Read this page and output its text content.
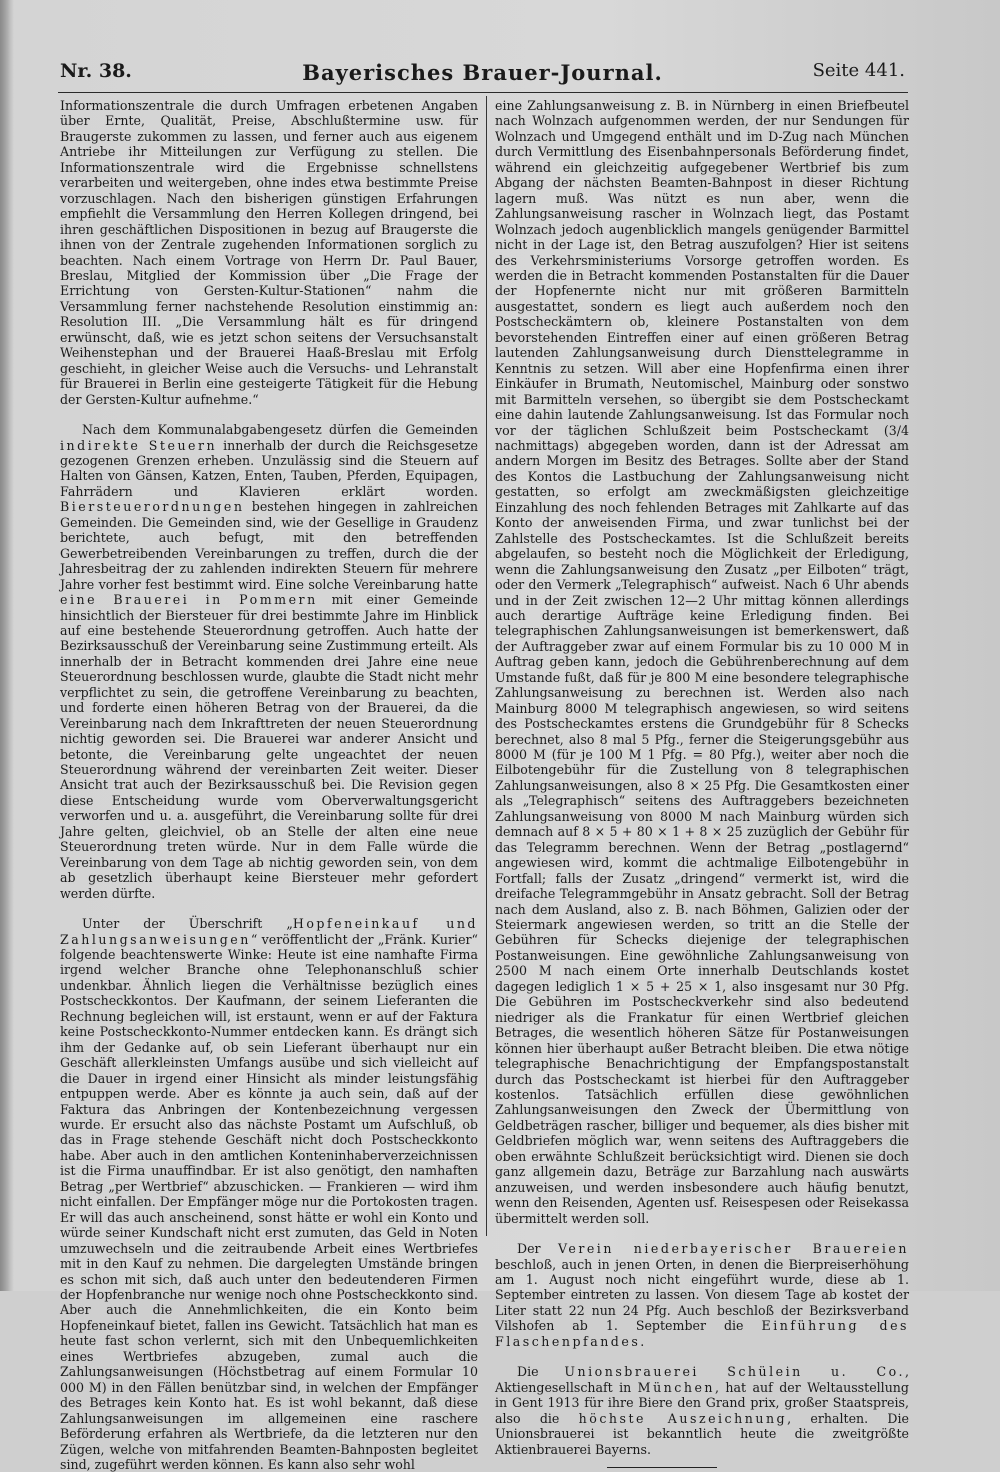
Nr. 38.	Bayerisches Brauer-Journal.	Seite 441.

Informationszentrale die durch Umfragen erbetenen Angaben über Ernte, Qualität, Preise, Abschlußtermine usw. für Braugerste zukommen zu lassen, und ferner auch aus eigenem Antriebe ihr Mitteilungen zur Verfügung zu stellen. Die Informationszentrale wird die Ergebnisse schnellstens verarbeiten und weitergeben, ohne indes etwa bestimmte Preise vorzuschlagen. Nach den bisherigen günstigen Erfahrungen empfiehlt die Versammlung den Herren Kollegen dringend, bei ihren geschäftlichen Dispositionen in bezug auf Braugerste die ihnen von der Zentrale zugehenden Informationen sorglich zu beachten. Nach einem Vortrage von Herrn Dr. Paul Bauer, Breslau, Mitglied der Kommission über „Die Frage der Errichtung von Gersten-Kultur-Stationen“ nahm die Versammlung ferner nachstehende Resolution einstimmig an: Resolution III. „Die Versammlung hält es für dringend erwünscht, daß, wie es jetzt schon seitens der Versuchsanstalt Weihenstephan und der Brauerei Haaß-Breslau mit Erfolg geschieht, in gleicher Weise auch die Versuchs- und Lehranstalt für Brauerei in Berlin eine gesteigerte Tätigkeit für die Hebung der Gersten-Kultur aufnehme.“

Nach dem Kommunalabgabengesetz dürfen die Gemeinden indirekte Steuern innerhalb der durch die Reichsgesetze gezogenen Grenzen erheben. Unzulässig sind die Steuern auf Halten von Gänsen, Katzen, Enten, Tauben, Pferden, Equipagen, Fahrrädern und Klavieren erklärt worden. Biersteuerordnungen bestehen hingegen in zahlreichen Gemeinden. Die Gemeinden sind, wie der Gesellige in Graudenz berichtete, auch befugt, mit den betreffenden Gewerbetreibenden Vereinbarungen zu treffen, durch die der Jahresbeitrag der zu zahlenden indirekten Steuern für mehrere Jahre vorher fest bestimmt wird. Eine solche Vereinbarung hatte eine Brauerei in Pommern mit einer Gemeinde hinsichtlich der Biersteuer für drei bestimmte Jahre im Hinblick auf eine bestehende Steuerordnung getroffen. Auch hatte der Bezirksausschuß der Vereinbarung seine Zustimmung erteilt. Als innerhalb der in Betracht kommenden drei Jahre eine neue Steuerordnung beschlossen wurde, glaubte die Stadt nicht mehr verpflichtet zu sein, die getroffene Vereinbarung zu beachten, und forderte einen höheren Betrag von der Brauerei, da die Vereinbarung nach dem Inkrafttreten der neuen Steuerordnung nichtig geworden sei. Die Brauerei war anderer Ansicht und betonte, die Vereinbarung gelte ungeachtet der neuen Steuerordnung während der vereinbarten Zeit weiter. Dieser Ansicht trat auch der Bezirksausschuß bei. Die Revision gegen diese Entscheidung wurde vom Oberverwaltungsgericht verworfen und u. a. ausgeführt, die Vereinbarung sollte für drei Jahre gelten, gleichviel, ob an Stelle der alten eine neue Steuerordnung treten würde. Nur in dem Falle würde die Vereinbarung von dem Tage ab nichtig geworden sein, von dem ab gesetzlich überhaupt keine Biersteuer mehr gefordert werden dürfte.

Unter der Überschrift „Hopfeneinkauf und Zahlungsanweisungen“ veröffentlicht der „Fränk. Kurier“ folgende beachtenswerte Winke: Heute ist eine namhafte Firma irgend welcher Branche ohne Telephonanschluß schier undenkbar. Ähnlich liegen die Verhältnisse bezüglich eines Postscheckkontos. Der Kaufmann, der seinem Lieferanten die Rechnung begleichen will, ist erstaunt, wenn er auf der Faktura keine Postscheckkonto-Nummer entdecken kann. Es drängt sich ihm der Gedanke auf, ob sein Lieferant überhaupt nur ein Geschäft allerkleinsten Umfangs ausübe und sich vielleicht auf die Dauer in irgend einer Hinsicht als minder leistungsfähig entpuppen werde. Aber es könnte ja auch sein, daß auf der Faktura das Anbringen der Kontenbezeichnung vergessen wurde. Er ersucht also das nächste Postamt um Aufschluß, ob das in Frage stehende Geschäft nicht doch Postscheckkonto habe. Aber auch in den amtlichen Konteninhaberverzeichnissen ist die Firma unauffindbar. Er ist also genötigt, den namhaften Betrag „per Wertbrief“ abzuschicken. — Frankieren — wird ihm nicht einfallen. Der Empfänger möge nur die Portokosten tragen. Er will das auch anscheinend, sonst hätte er wohl ein Konto und würde seiner Kundschaft nicht erst zumuten, das Geld in Noten umzuwechseln und die zeitraubende Arbeit eines Wertbriefes mit in den Kauf zu nehmen. Die dargelegten Umstände bringen es schon mit sich, daß auch unter den bedeutenderen Firmen der Hopfenbranche nur wenige noch ohne Postscheckkonto sind. Aber auch die Annehmlichkeiten, die ein Konto beim Hopfeneinkauf bietet, fallen ins Gewicht. Tatsächlich hat man es heute fast schon verlernt, sich mit den Unbequemlichkeiten eines Wertbriefes abzugeben, zumal auch die Zahlungsanweisungen (Höchstbetrag auf einem Formular 10 000 M) in den Fällen benützbar sind, in welchen der Empfänger des Betrages kein Konto hat. Es ist wohl bekannt, daß diese Zahlungsanweisungen im allgemeinen eine raschere Beförderung erfahren als Wertbriefe, da die letzteren nur den Zügen, welche von mitfahrenden Beamten-Bahnposten begleitet sind, zugeführt werden können. Es kann also sehr wohl

eine Zahlungsanweisung z. B. in Nürnberg in einen Briefbeutel nach Wolnzach aufgenommen werden, der nur Sendungen für Wolnzach und Umgegend enthält und im D-Zug nach München durch Vermittlung des Eisenbahnpersonals Beförderung findet, während ein gleichzeitig aufgegebener Wertbrief bis zum Abgang der nächsten Beamten-Bahnpost in dieser Richtung lagern muß. Was nützt es nun aber, wenn die Zahlungsanweisung rascher in Wolnzach liegt, das Postamt Wolnzach jedoch augenblicklich mangels genügender Barmittel nicht in der Lage ist, den Betrag auszufolgen? Hier ist seitens des Verkehrsministeriums Vorsorge getroffen worden. Es werden die in Betracht kommenden Postanstalten für die Dauer der Hopfenernte nicht nur mit größeren Barmitteln ausgestattet, sondern es liegt auch außerdem noch den Postscheckämtern ob, kleinere Postanstalten von dem bevorstehenden Eintreffen einer auf einen größeren Betrag lautenden Zahlungsanweisung durch Diensttelegramme in Kenntnis zu setzen. Will aber eine Hopfenfirma einen ihrer Einkäufer in Brumath, Neutomischel, Mainburg oder sonstwo mit Barmitteln versehen, so übergibt sie dem Postscheckamt eine dahin lautende Zahlungsanweisung. Ist das Formular noch vor der täglichen Schlußzeit beim Postscheckamt (3/4 nachmittags) abgegeben worden, dann ist der Adressat am andern Morgen im Besitz des Betrages. Sollte aber der Stand des Kontos die Lastbuchung der Zahlungsanweisung nicht gestatten, so erfolgt am zweckmäßigsten gleichzeitige Einzahlung des noch fehlenden Betrages mit Zahlkarte auf das Konto der anweisenden Firma, und zwar tunlichst bei der Zahlstelle des Postscheckamtes. Ist die Schlußzeit bereits abgelaufen, so besteht noch die Möglichkeit der Erledigung, wenn die Zahlungsanweisung den Zusatz „per Eilboten“ trägt, oder den Vermerk „Telegraphisch“ aufweist. Nach 6 Uhr abends und in der Zeit zwischen 12—2 Uhr mittag können allerdings auch derartige Aufträge keine Erledigung finden. Bei telegraphischen Zahlungsanweisungen ist bemerkenswert, daß der Auftraggeber zwar auf einem Formular bis zu 10 000 M in Auftrag geben kann, jedoch die Gebührenberechnung auf dem Umstande fußt, daß für je 800 M eine besondere telegraphische Zahlungsanweisung zu berechnen ist. Werden also nach Mainburg 8000 M telegraphisch angewiesen, so wird seitens des Postscheckamtes erstens die Grundgebühr für 8 Schecks berechnet, also 8 mal 5 Pfg., ferner die Steigerungsgebühr aus 8000 M (für je 100 M 1 Pfg. = 80 Pfg.), weiter aber noch die Eilbotengebühr für die Zustellung von 8 telegraphischen Zahlungsanweisungen, also 8 × 25 Pfg. Die Gesamtkosten einer als „Telegraphisch“ seitens des Auftraggebers bezeichneten Zahlungsanweisung von 8000 M nach Mainburg würden sich demnach auf 8 × 5 + 80 × 1 + 8 × 25 zuzüglich der Gebühr für das Telegramm berechnen. Wenn der Betrag „postlagernd“ angewiesen wird, kommt die achtmalige Eilbotengebühr in Fortfall; falls der Zusatz „dringend“ vermerkt ist, wird die dreifache Telegrammgebühr in Ansatz gebracht. Soll der Betrag nach dem Ausland, also z. B. nach Böhmen, Galizien oder der Steiermark angewiesen werden, so tritt an die Stelle der Gebühren für Schecks diejenige der telegraphischen Postanweisungen. Eine gewöhnliche Zahlungsanweisung von 2500 M nach einem Orte innerhalb Deutschlands kostet dagegen lediglich 1 × 5 + 25 × 1, also insgesamt nur 30 Pfg. Die Gebühren im Postscheckverkehr sind also bedeutend niedriger als die Frankatur für einen Wertbrief gleichen Betrages, die wesentlich höheren Sätze für Postanweisungen können hier überhaupt außer Betracht bleiben. Die etwa nötige telegraphische Benachrichtigung der Empfangspostanstalt durch das Postscheckamt ist hierbei für den Auftraggeber kostenlos. Tatsächlich erfüllen diese gewöhnlichen Zahlungsanweisungen den Zweck der Übermittlung von Geldbeträgen rascher, billiger und bequemer, als dies bisher mit Geldbriefen möglich war, wenn seitens des Auftraggebers die oben erwähnte Schlußzeit berücksichtigt wird. Dienen sie doch ganz allgemein dazu, Beträge zur Barzahlung nach auswärts anzuweisen, und werden insbesondere auch häufig benutzt, wenn den Reisenden, Agenten usf. Reisespesen oder Reisekassa übermittelt werden soll.

Der Verein niederbayerischer Brauereien beschloß, auch in jenen Orten, in denen die Bierpreiserhöhung am 1. August noch nicht eingeführt wurde, diese ab 1. September eintreten zu lassen. Von diesem Tage ab kostet der Liter statt 22 nun 24 Pfg. Auch beschloß der Bezirksverband Vilshofen ab 1. September die Einführung des Flaschenpfandes.

Die Unionsbrauerei Schülein u. Co., Aktiengesellschaft in München, hat auf der Weltausstellung in Gent 1913 für ihre Biere den Grand prix, großer Staatspreis, also die höchste Auszeichnung, erhalten. Die Unionsbrauerei ist bekanntlich heute die zweitgrößte Aktienbrauerei Bayerns.
